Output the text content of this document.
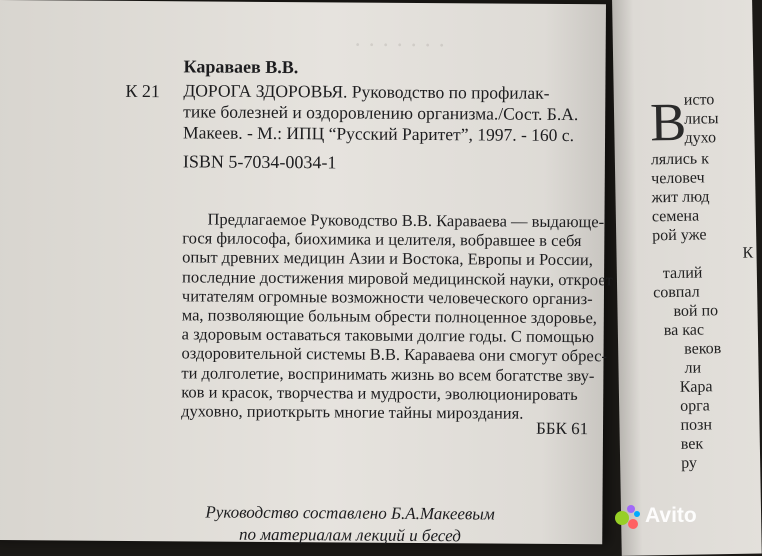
· · · · · · ·
Караваев В.В.
К 21 ДОРОГА ЗДОРОВЬЯ. Руководство по профилак-
тике болезней и оздоровлению организма./Сост. Б.А.
Макеев. - М.: ИПЦ “Русский Раритет”, 1997. - 160 с.
ISBN 5-7034-0034-1
Предлагаемое Руководство В.В. Караваева — выдающе-
гося философа, биохимика и целителя, вобравшее в себя
опыт древних медицин Азии и Востока, Европы и России,
последние достижения мировой медицинской науки, откроет
читателям огромные возможности человеческого организ-
ма, позволяющие больным обрести полноценное здоровье,
а здоровым оставаться таковыми долгие годы. С помощью
оздоровительной системы В.В. Караваева они смогут обрес-
ти долголетие, воспринимать жизнь во всем богатстве зву-
ков и красок, творчества и мудрости, эволюционировать
духовно, приоткрыть многие тайны мироздания.
ББК 61
Руководство составлено Б.А.Макеевым
по материалам лекций и бесед
В
исто
лисы
духо
лялись к
человеч
жит люд
семена
рой уже
К
талий
совпал
вой по
ва кас
веков
ли
Кара
орга
позн
век
ру
Avito
